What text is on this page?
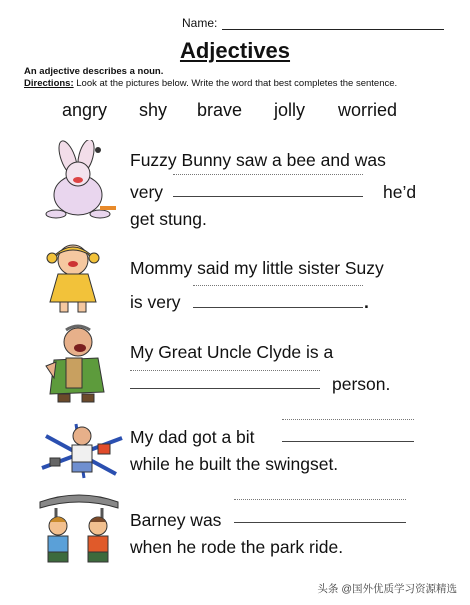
Name:
Adjectives
An adjective describes a noun.
Directions: Look at the pictures below. Write the word that best completes the sentence.
angry shy brave jolly worried
Fuzzy Bunny saw a bee and was
very	he’d
get stung.
Mommy said my little sister Suzy
is very	.
My Great Uncle Clyde is a
person.
My dad got a bit
while he built the swingset.
Barney was
when he rode the park ride.
头条 @国外优质学习资源精选
